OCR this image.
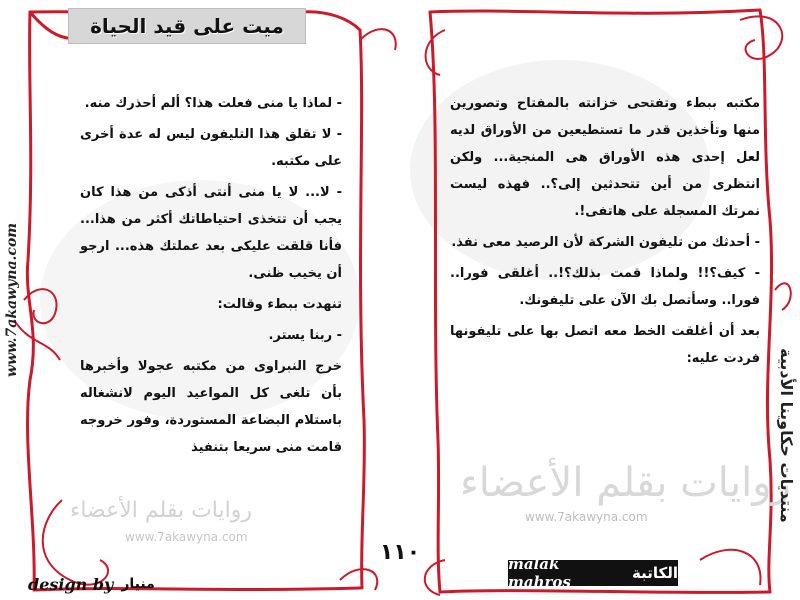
روايات بقلم الأعضاء
www.7akawyna.com
روايات بقلم الأعضاء
www.7akawyna.com
www.7akawyna.com
منتديات حكاوينا الأدبية
ميت على قيد الحياة

مكتبه ببطء وتفتحى خزانته بالمفتاح وتصورين منها وتأخذين قدر ما تستطيعين من الأوراق لديه لعل إحدى هذه الأوراق هى المنجية... ولكن انتظرى من أين تتحدثين إلى؟.. فهذه ليست نمرتك المسجلة على هاتفى!.

- أحدثك من تليفون الشركة لأن الرصيد معى نفذ.

- كيف؟!! ولماذا قمت بذلك؟!.. أغلقى فورا.. فورا.. وسأتصل بك الآن على تليفونك.

بعد أن أغلقت الخط معه اتصل بها على تليفونها فردت عليه:

- لماذا يا منى فعلت هذا؟ ألم أحذرك منه.

- لا تقلق هذا التليفون ليس له عدة أخرى على مكتبه.

- لا... لا يا منى أنتى أذكى من هذا كان يجب أن تتخذى احتياطاتك أكثر من هذا... فأنا قلقت عليكى بعد عملتك هذه... ارجو أن يخيب ظنى.

تنهدت ببطء وقالت:

- ربنا يستر.

خرج النبراوى من مكتبه عجولا وأخبرها بأن تلغى كل المواعيد اليوم لانشغاله باستلام البضاعة المستوردة، وفور خروجه قامت منى سريعا بتنفيذ

١١٠	malak mahros	الكاتبة
design by منيار
